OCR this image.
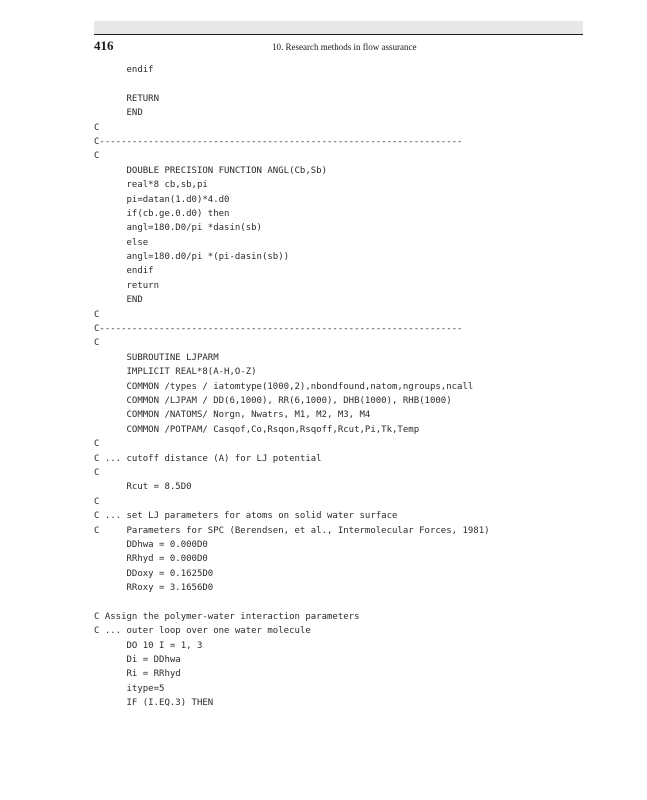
416	10. Research methods in flow assurance
endif
RETURN
END
C
C-------------------------------------------------------------------
C
DOUBLE PRECISION FUNCTION ANGL(Cb,Sb)
real*8 cb,sb,pi
pi=datan(1.d0)*4.d0
if(cb.ge.0.d0) then
angl=180.D0/pi *dasin(sb)
else
angl=180.d0/pi *(pi-dasin(sb))
endif
return
END
C
C-------------------------------------------------------------------
C
SUBROUTINE LJPARM
IMPLICIT REAL*8(A-H,O-Z)
COMMON /types / iatomtype(1000,2),nbondfound,natom,ngroups,ncall
COMMON /LJPAM / DD(6,1000), RR(6,1000), DHB(1000), RHB(1000)
COMMON /NATOMS/ Norgn, Nwatrs, M1, M2, M3, M4
COMMON /POTPAM/ Casqof,Co,Rsqon,Rsqoff,Rcut,Pi,Tk,Temp
C
C ... cutoff distance (A) for LJ potential
C
Rcut = 8.5D0
C
C ... set LJ parameters for atoms on solid water surface
C     Parameters for SPC (Berendsen, et al., Intermolecular Forces, 1981)
DDhwa = 0.000D0
RRhyd = 0.000D0
DDoxy = 0.1625D0
RRoxy = 3.1656D0
C Assign the polymer-water interaction parameters
C ... outer loop over one water molecule
DO 10 I = 1, 3
Di = DDhwa
Ri = RRhyd
itype=5
IF (I.EQ.3) THEN
